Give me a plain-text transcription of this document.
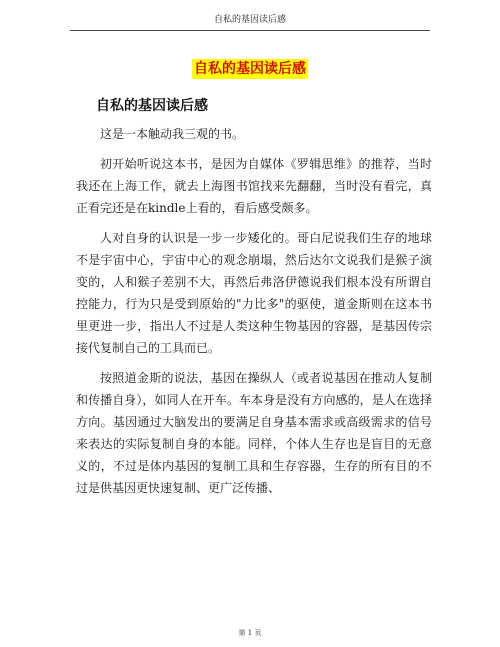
自私的基因读后感
自私的基因读后感
自私的基因读后感

这是一本触动我三观的书。

初开始听说这本书，是因为自媒体《罗辑思维》的推荐，当时我还在上海工作，就去上海图书馆找来先翻翻，当时没有看完，真正看完还是在kindle上看的，看后感受颇多。

人对自身的认识是一步一步矮化的。哥白尼说我们生存的地球不是宇宙中心，宇宙中心的观念崩塌，然后达尔文说我们是猴子演变的，人和猴子差别不大，再然后弗洛伊德说我们根本没有所谓自控能力，行为只是受到原始的"力比多"的驱使，道金斯则在这本书里更进一步，指出人不过是人类这种生物基因的容器，是基因传宗接代复制自己的工具而已。

按照道金斯的说法，基因在操纵人（或者说基因在推动人复制和传播自身），如同人在开车。车本身是没有方向感的，是人在选择方向。基因通过大脑发出的要满足自身基本需求或高级需求的信号来表达的实际复制自身的本能。同样，个体人生存也是盲目的无意义的，不过是体内基因的复制工具和生存容器，生存的所有目的不过是供基因更快速复制、更广泛传播、

第 1 页
